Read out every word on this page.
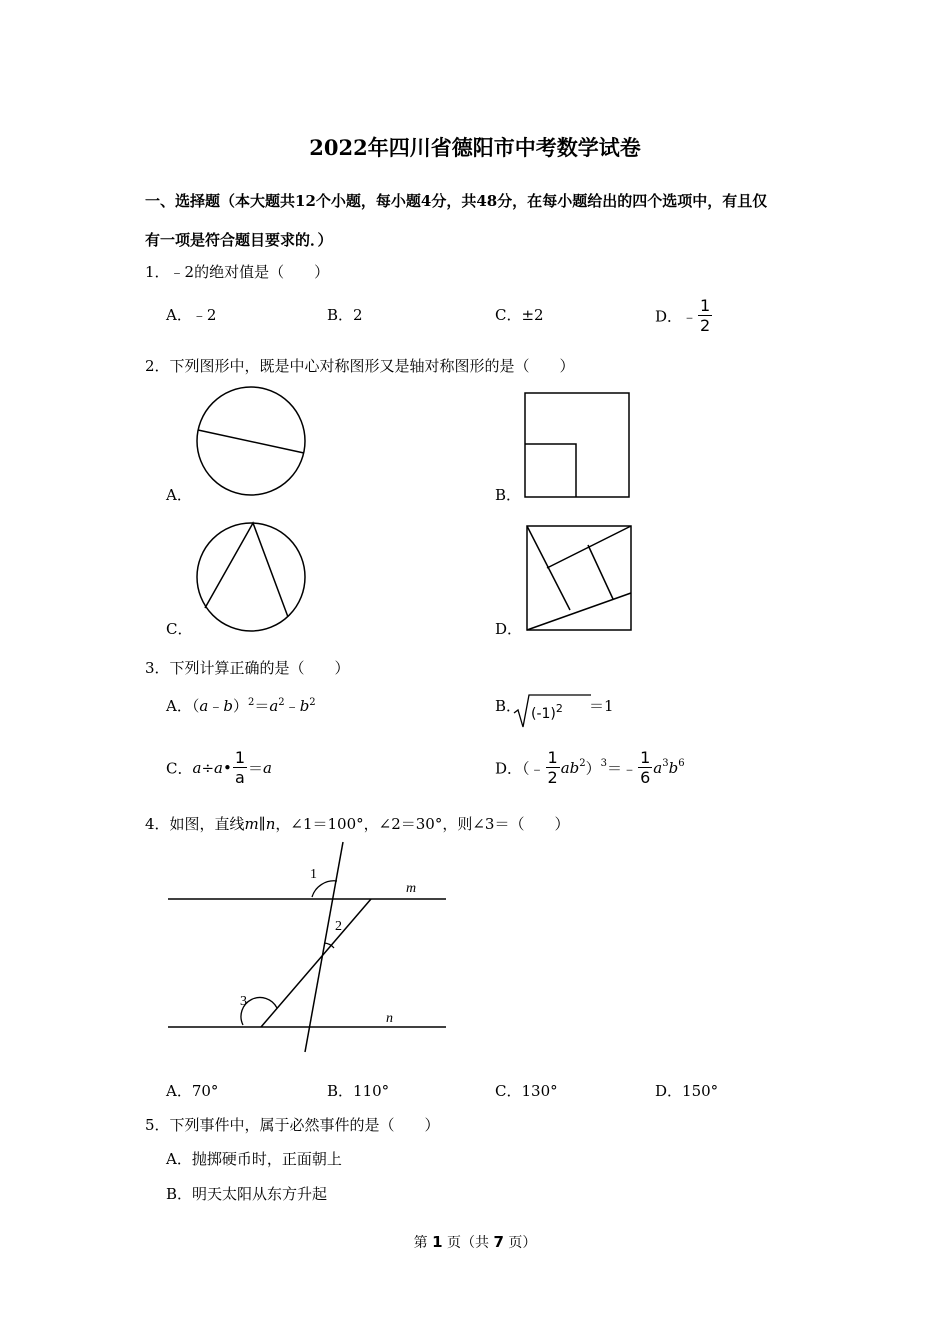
2022年四川省德阳市中考数学试卷
一、选择题（本大题共12个小题，每小题4分，共48分，在每小题给出的四个选项中，有且仅
有一项是符合题目要求的．）
1．﹣2的绝对值是（　　）
A．﹣2	B．2	C．±2	D．﹣ $\frac{1}{2}$
2．下列图形中，既是中心对称图形又是轴对称图形的是（　　）
A．	B．
C．	D．
3．下列计算正确的是（　　）
A．$(a﹣b)^2=a^2﹣b^2$	B． $(-1)^2 =1$
C．a÷a• $\frac{1}{a} =a$	D．（﹣ $\frac{1}{2}$ $ab^2)^3=﹣ \frac{1}{6} a^3b^6$
4．如图，直线m∥n，∠1＝100°，∠2＝30°，则∠3＝（　　）
1
2
3
m
n
A．70°	B．110°	C．130°	D．150°
5．下列事件中，属于必然事件的是（　　）
A．抛掷硬币时，正面朝上
B．明天太阳从东方升起
第 1 页（共 7 页）
